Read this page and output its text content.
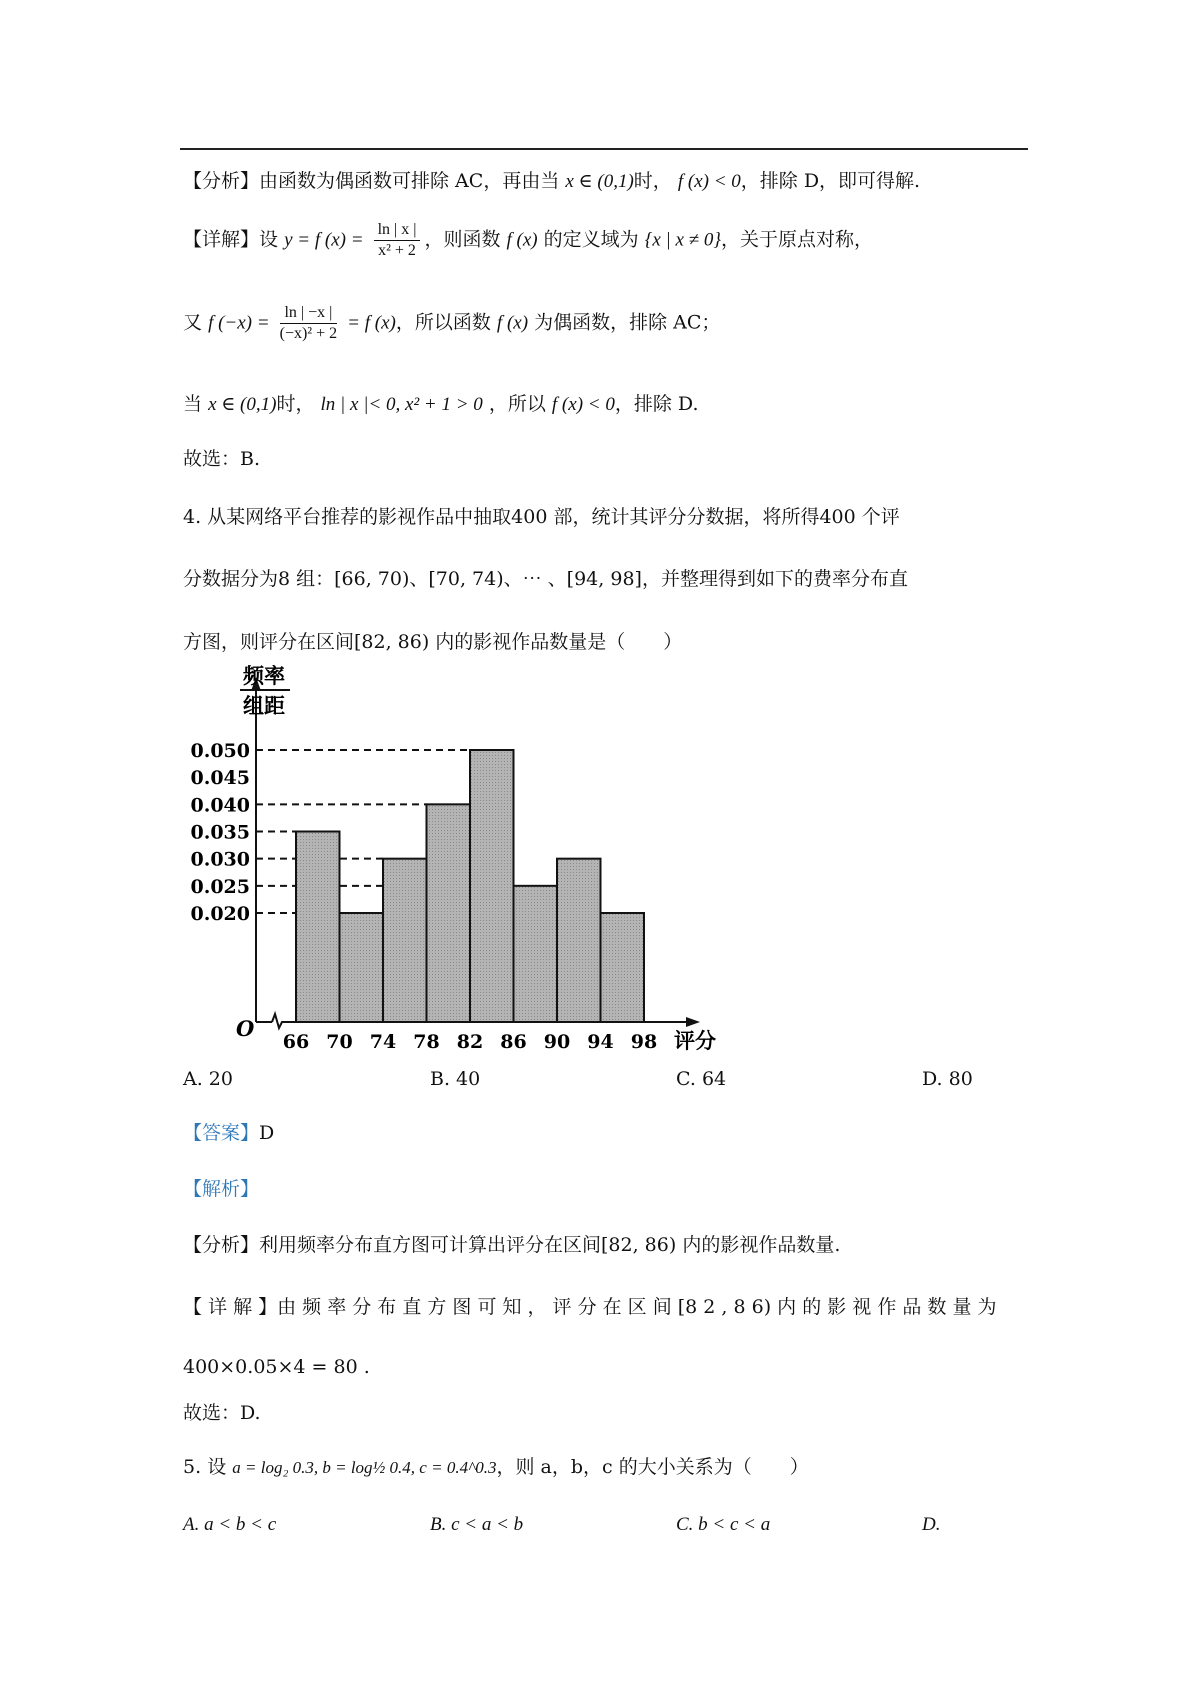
【分析】由函数为偶函数可排除 AC，再由当 x ∈ (0,1)时， f (x) < 0，排除 D，即可得解.
【详解】设 y = f $(x) = \frac{\ln | x |}{\text{x² + 2}}$ ，则函数 f (x) 的定义域为 {x | x ≠ 0}，关于原点对称，
又 f $(-x) = \frac{\ln | -x |}{\text{(−x)² + 2}} = f$ (x)，所以函数 f (x) 为偶函数，排除 AC；
当 x ∈ (0,1)时， ln | x |< 0, x² + 1 > 0 ，所以 f (x) < 0，排除 D.
故选：B.
4. 从某网络平台推荐的影视作品中抽取400 部，统计其评分分数据，将所得400 个评
分数据分为8 组：[66, 70)、[70, 74)、⋯ 、[94, 98]，并整理得到如下的费率分布直
方图，则评分在区间[82, 86) 内的影视作品数量是（　　）
频率
组距
0.050
0.045
0.040
0.035
0.030
0.025
0.020
66 70 74 78 82 86 90 94 98
O	评分
A. 20	B. 40	C. 64	D. 80
【答案】D
【解析】
【分析】利用频率分布直方图可计算出评分在区间[82, 86) 内的影视作品数量.
【 详 解 】由 频 率 分 布 直 方 图 可 知 ， 评 分 在 区 间 [8 2 , 8 6) 内 的 影 视 作 品 数 量 为
400×0.05×4 = 80 .
故选：D.
5. 设 a = log₂ 0.3, b = log½ 0.4, c = 0.4^0.3，则 a，b，c 的大小关系为（　　）
A. a < b < c	B. c < a < b	C. b < c < a	D.
